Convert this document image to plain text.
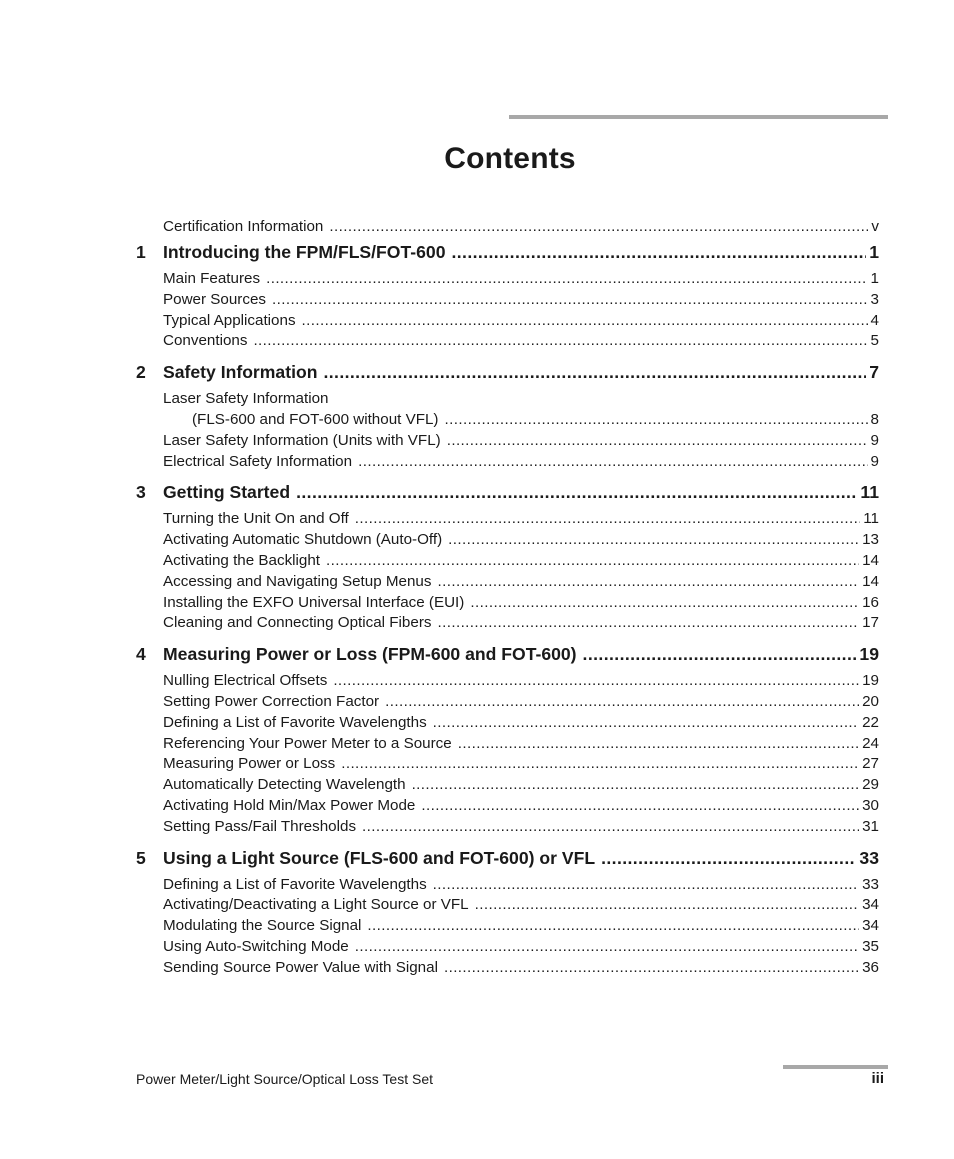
Contents
Certification Information .....	v
1 Introducing the FPM/FLS/FOT-600 .....	1
Main Features .....	1
Power Sources .....	3
Typical Applications .....	4
Conventions .....	5
2 Safety Information .....	7
Laser Safety Information
(FLS-600 and FOT-600 without VFL) .....	8
Laser Safety Information (Units with VFL) .....	9
Electrical Safety Information .....	9
3 Getting Started .....	11
Turning the Unit On and Off .....	11
Activating Automatic Shutdown (Auto-Off) .....	13
Activating the Backlight .....	14
Accessing and Navigating Setup Menus .....	14
Installing the EXFO Universal Interface (EUI) .....	16
Cleaning and Connecting Optical Fibers .....	17
4 Measuring Power or Loss (FPM-600 and FOT-600) .....	19
Nulling Electrical Offsets .....	19
Setting Power Correction Factor .....	20
Defining a List of Favorite Wavelengths .....	22
Referencing Your Power Meter to a Source .....	24
Measuring Power or Loss .....	27
Automatically Detecting Wavelength .....	29
Activating Hold Min/Max Power Mode .....	30
Setting Pass/Fail Thresholds .....	31
5 Using a Light Source (FLS-600 and FOT-600) or VFL .....	33
Defining a List of Favorite Wavelengths .....	33
Activating/Deactivating a Light Source or VFL .....	34
Modulating the Source Signal .....	34
Using Auto-Switching Mode .....	35
Sending Source Power Value with Signal .....	36
Power Meter/Light Source/Optical Loss Test Set	iii
